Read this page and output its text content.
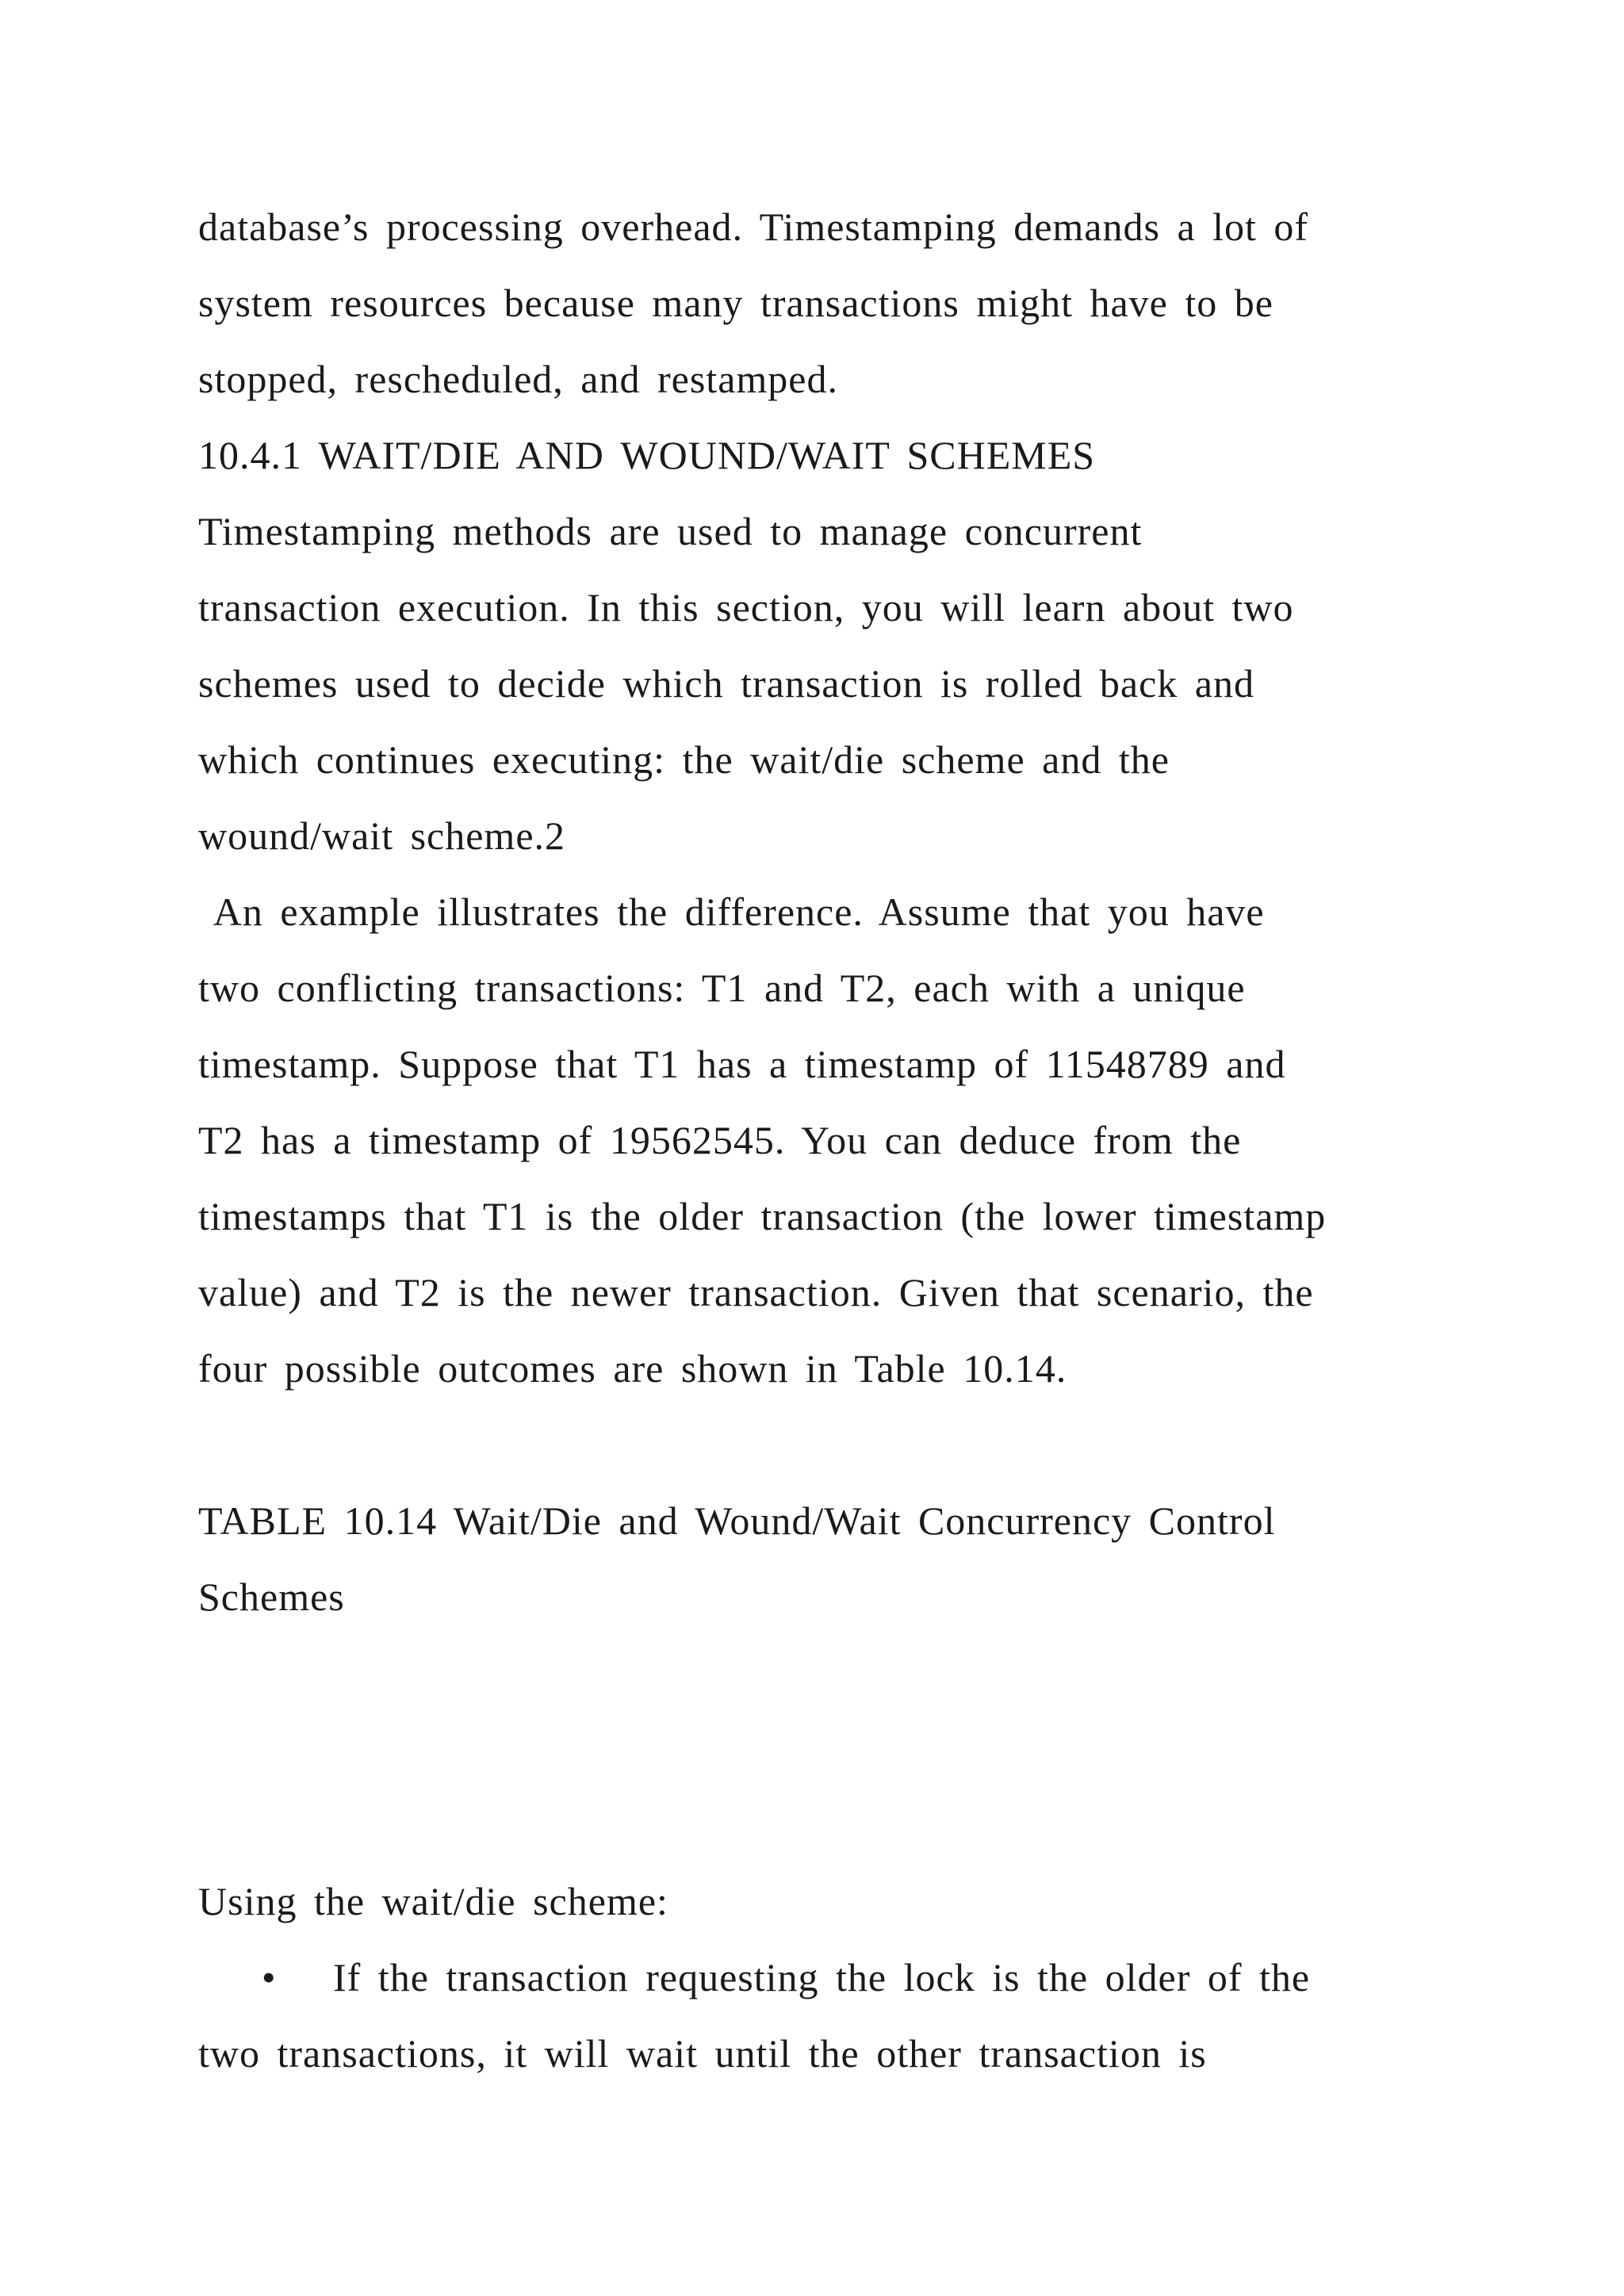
database’s processing overhead. Timestamping demands a lot of
system resources because many transactions might have to be
stopped, rescheduled, and restamped.
10.4.1 WAIT/DIE AND WOUND/WAIT SCHEMES
Timestamping methods are used to manage concurrent
transaction execution. In this section, you will learn about two
schemes used to decide which transaction is rolled back and
which continues executing: the wait/die scheme and the
wound/wait scheme.2
An example illustrates the difference. Assume that you have
two conflicting transactions: T1 and T2, each with a unique
timestamp. Suppose that T1 has a timestamp of 11548789 and
T2 has a timestamp of 19562545. You can deduce from the
timestamps that T1 is the older transaction (the lower timestamp
value) and T2 is the newer transaction. Given that scenario, the
four possible outcomes are shown in Table 10.14.
TABLE 10.14 Wait/Die and Wound/Wait Concurrency Control
Schemes
Using the wait/die scheme:
•	If the transaction requesting the lock is the older of the
two transactions, it will wait until the other transaction is
